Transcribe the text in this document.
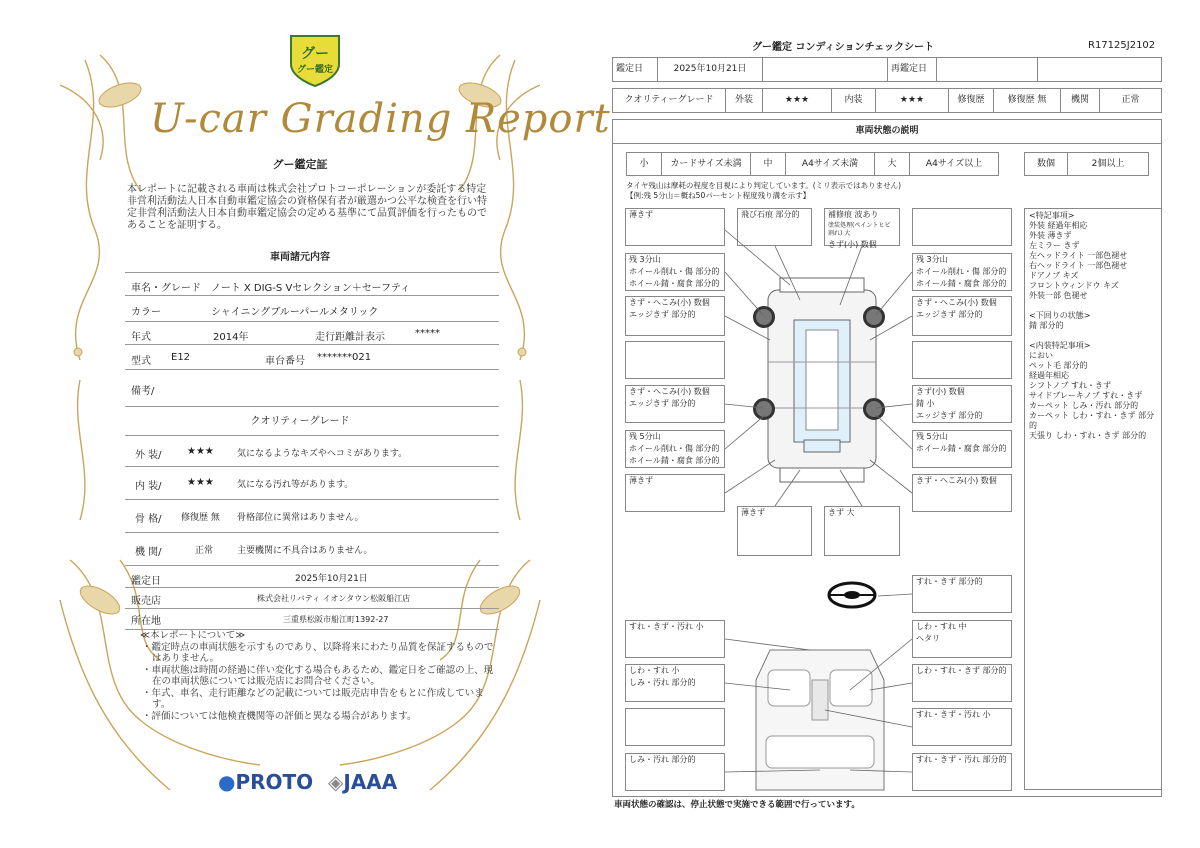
グー
グー鑑定
U-car Grading Report
グー鑑定証
本レポートに記載される車両は株式会社プロトコーポレーションが委託する特定非営利活動法人日本自動車鑑定協会の資格保有者が厳選かつ公平な検査を行い特定非営利活動法人日本自動車鑑定協会の定める基準にて品質評価を行ったものであることを証明する。
車両諸元内容
車名・グレード ノート X DIG-S Vセレクション＋セーフティ
カラー	シャイニングブルーパールメタリック
年式	2014年	走行距離計表示	*****
型式 E12	車台番号 *******021
備考/
クオリティーグレード
外 装/	★★★	気になるようなキズやヘコミがあります。
内 装/	★★★	気になる汚れ等があります。
骨 格/ 修復歴 無 骨格部位に異常はありません。
機 関/	正常	主要機関に不具合はありません。
鑑定日	2025年10月21日
販売店	株式会社リバティ イオンタウン松阪船江店
所在地	三重県松阪市船江町1392-27
≪本レポートについて≫
・鑑定時点の車両状態を示すものであり、以降将来にわたり品質を保証するものではありません。
・車両状態は時間の経過に伴い変化する場合もあるため、鑑定日をご確認の上、現在の車両状態については販売店にお問合せください。
・年式、車名、走行距離などの記載については販売店申告をもとに作成しています。
・評価については他検査機関等の評価と異なる場合があります。
●PROTO ◈JAAA
グー鑑定 コンディションチェックシート	R17125J2102
鑑定日	2025年10月21日	再鑑定日
クオリティーグレード	外装	★★★	内装	★★★	修復歴	修復歴 無	機関	正常
車両状態の説明
小	カードサイズ未満	中	A4サイズ未満	大	A4サイズ以上	数個	2個以上
タイヤ残山は摩耗の程度を目視により判定しています。(ミリ表示ではありません)
【例:残 5分山＝概ね50パーセント程度残り溝を示す】
薄きず	飛び石痕 部分的	補修痕 波あり
塗装処理(ペイントヒビ割れ) 大
きず(小) 数個
残 3分山
ホイール削れ・傷 部分的
ホイール錆・腐食 部分的
残 3分山
ホイール削れ・傷 部分的
ホイール錆・腐食 部分的
きず・へこみ(小) 数個
エッジきず 部分的
きず・へこみ(小) 数個
エッジきず 部分的
きず・へこみ(小) 数個
エッジきず 部分的
きず(小) 数個
錆 小
エッジきず 部分的
残 5分山
ホイール削れ・傷 部分的
ホイール錆・腐食 部分的
残 5分山
ホイール錆・腐食 部分的
薄きず	きず・へこみ(小) 数個
薄きず	きず 大
すれ・きず 部分的
すれ・きず・汚れ 小	しわ・すれ 中
ヘタリ
しわ・すれ 小
しみ・汚れ 部分的
しわ・すれ・きず 部分的
すれ・きず・汚れ 小
しみ・汚れ 部分的	すれ・きず・汚れ 部分的
<特記事項>
外装 経過年相応
外装 薄きず
左ミラー きず
左ヘッドライト 一部色褪せ
右ヘッドライト 一部色褪せ
ドアノブ キズ
フロントウィンドウ キズ
外装一部 色褪せ
<下回りの状態>
錆 部分的
<内装特記事項>
におい
ペット毛 部分的
経過年相応
シフトノブ すれ・きず
サイドブレーキノブ すれ・きず
カーペット しみ・汚れ 部分的
カーペット しわ・すれ・きず 部分的
天張り しわ・すれ・きず 部分的
車両状態の確認は、停止状態で実施できる範囲で行っています。
